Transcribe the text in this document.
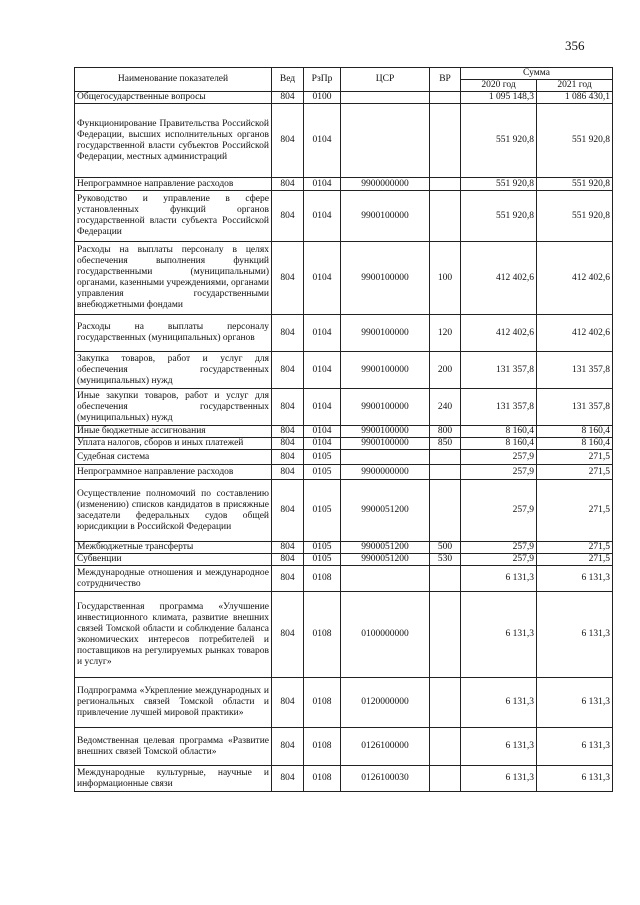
356
Наименование показателей	Вед	РзПр	ЦСР	ВР	Сумма	
					2020 год	2021 год
Общегосударственные вопросы	804	0100			1 095 148,3	1 086 430,1
Функционирование Правительства Российской Федерации, высших исполнительных органов государственной власти субъектов Российской Федерации, местных администраций	804	0104			551 920,8	551 920,8
Непрограммное направление расходов	804	0104	9900000000		551 920,8	551 920,8
Руководство и управление в сфере установленных функций органов государственной власти субъекта Российской Федерации	804	0104	9900100000		551 920,8	551 920,8
Расходы на выплаты персоналу в целях обеспечения выполнения функций государственными (муниципальными) органами, казенными учреждениями, органами управления государственными внебюджетными фондами	804	0104	9900100000	100	412 402,6	412 402,6
Расходы на выплаты персоналу государственных (муниципальных) органов	804	0104	9900100000	120	412 402,6	412 402,6
Закупка товаров, работ и услуг для обеспечения государственных (муниципальных) нужд	804	0104	9900100000	200	131 357,8	131 357,8
Иные закупки товаров, работ и услуг для обеспечения государственных (муниципальных) нужд	804	0104	9900100000	240	131 357,8	131 357,8
Иные бюджетные ассигнования	804	0104	9900100000	800	8 160,4	8 160,4
Уплата налогов, сборов и иных платежей	804	0104	9900100000	850	8 160,4	8 160,4
Судебная система	804	0105			257,9	271,5
Непрограммное направление расходов	804	0105	9900000000		257,9	271,5
Осуществление полномочий по составлению (изменению) списков кандидатов в присяжные заседатели федеральных судов общей юрисдикции в Российской Федерации	804	0105	9900051200		257,9	271,5
Межбюджетные трансферты	804	0105	9900051200	500	257,9	271,5
Субвенции	804	0105	9900051200	530	257,9	271,5
Международные отношения и международное сотрудничество	804	0108			6 131,3	6 131,3
Государственная программа «Улучшение инвестиционного климата, развитие внешних связей Томской области и соблюдение баланса экономических интересов потребителей и поставщиков на регулируемых рынках товаров и услуг»	804	0108	0100000000		6 131,3	6 131,3
Подпрограмма «Укрепление международных и региональных связей Томской области и привлечение лучшей мировой практики»	804	0108	0120000000		6 131,3	6 131,3
Ведомственная целевая программа «Развитие внешних связей Томской области»	804	0108	0126100000		6 131,3	6 131,3
Международные культурные, научные и информационные связи	804	0108	0126100030		6 131,3	6 131,3
